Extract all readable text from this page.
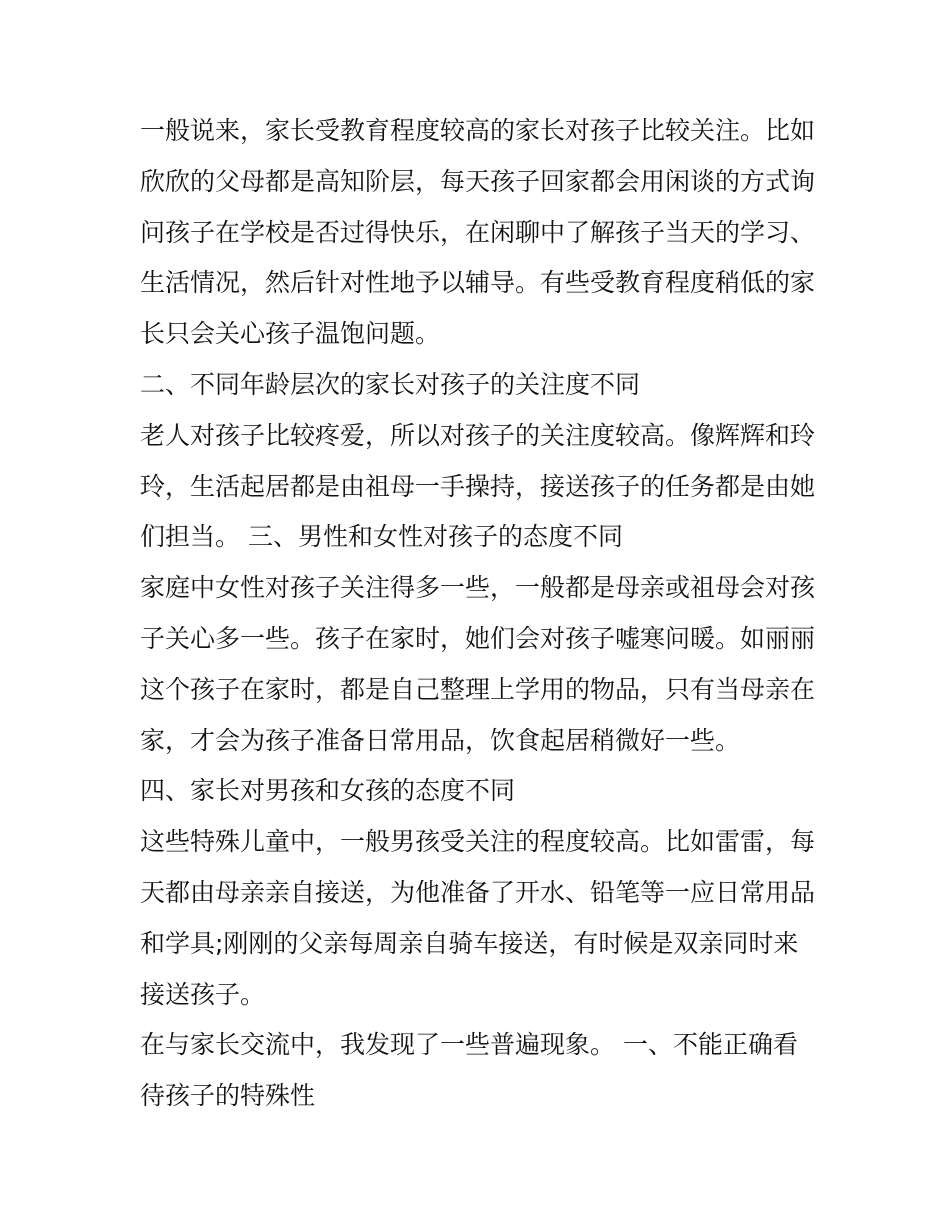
一般说来，家长受教育程度较高的家长对孩子比较关注。比如
欣欣的父母都是高知阶层，每天孩子回家都会用闲谈的方式询
问孩子在学校是否过得快乐，在闲聊中了解孩子当天的学习、
生活情况，然后针对性地予以辅导。有些受教育程度稍低的家
长只会关心孩子温饱问题。
二、不同年龄层次的家长对孩子的关注度不同
老人对孩子比较疼爱，所以对孩子的关注度较高。像辉辉和玲
玲，生活起居都是由祖母一手操持，接送孩子的任务都是由她
们担当。 三、男性和女性对孩子的态度不同
家庭中女性对孩子关注得多一些，一般都是母亲或祖母会对孩
子关心多一些。孩子在家时，她们会对孩子嘘寒问暖。如丽丽
这个孩子在家时，都是自己整理上学用的物品，只有当母亲在
家，才会为孩子准备日常用品，饮食起居稍微好一些。
四、家长对男孩和女孩的态度不同
这些特殊儿童中，一般男孩受关注的程度较高。比如雷雷，每
天都由母亲亲自接送，为他准备了开水、铅笔等一应日常用品
和学具;刚刚的父亲每周亲自骑车接送，有时候是双亲同时来
接送孩子。
在与家长交流中，我发现了一些普遍现象。 一、不能正确看
待孩子的特殊性
